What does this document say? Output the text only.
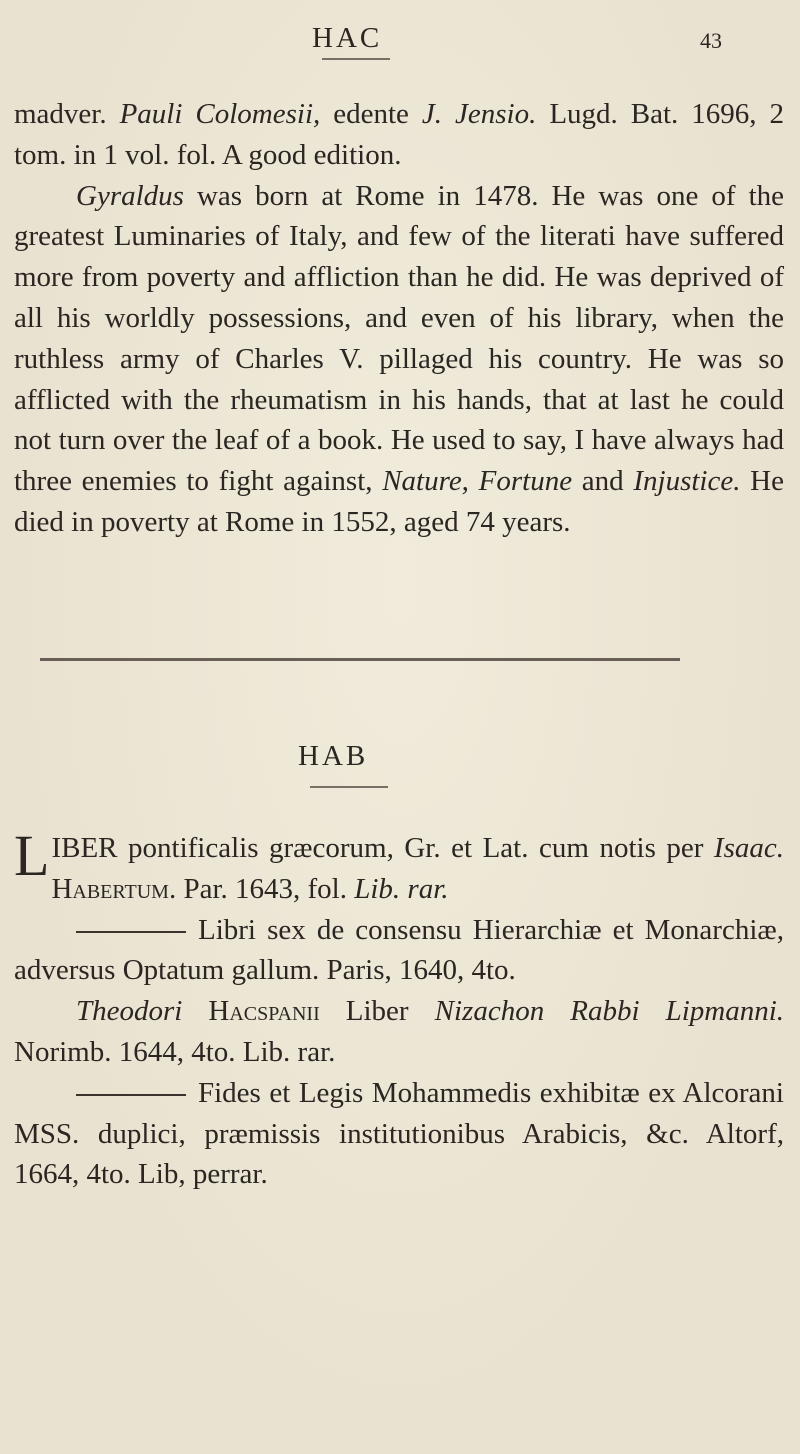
HAC	43

madver. Pauli Colomesii, edente J. Jensio. Lugd. Bat. 1696, 2 tom. in 1 vol. fol. A good edition.

Gyraldus was born at Rome in 1478. He was one of the greatest Luminaries of Italy, and few of the literati have suffered more from poverty and affliction than he did. He was deprived of all his worldly possessions, and even of his library, when the ruthless army of Charles V. pillaged his country. He was so afflicted with the rheumatism in his hands, that at last he could not turn over the leaf of a book. He used to say, I have always had three enemies to fight against, Nature, Fortune and Injustice. He died in poverty at Rome in 1552, aged 74 years.

HAB

LIBER pontificalis græcorum, Gr. et Lat. cum notis per Isaac. Habertum. Par. 1643, fol. Lib. rar.

Libri sex de consensu Hierarchiæ et Monarchiæ, adversus Optatum gallum. Paris, 1640, 4to.

Theodori Hacspanii Liber Nizachon Rabbi Lipmanni. Norimb. 1644, 4to. Lib. rar.

Fides et Legis Mohammedis exhibitæ ex Alcorani MSS. duplici, præmissis institutionibus Arabicis, &c. Altorf, 1664, 4to. Lib, perrar.
